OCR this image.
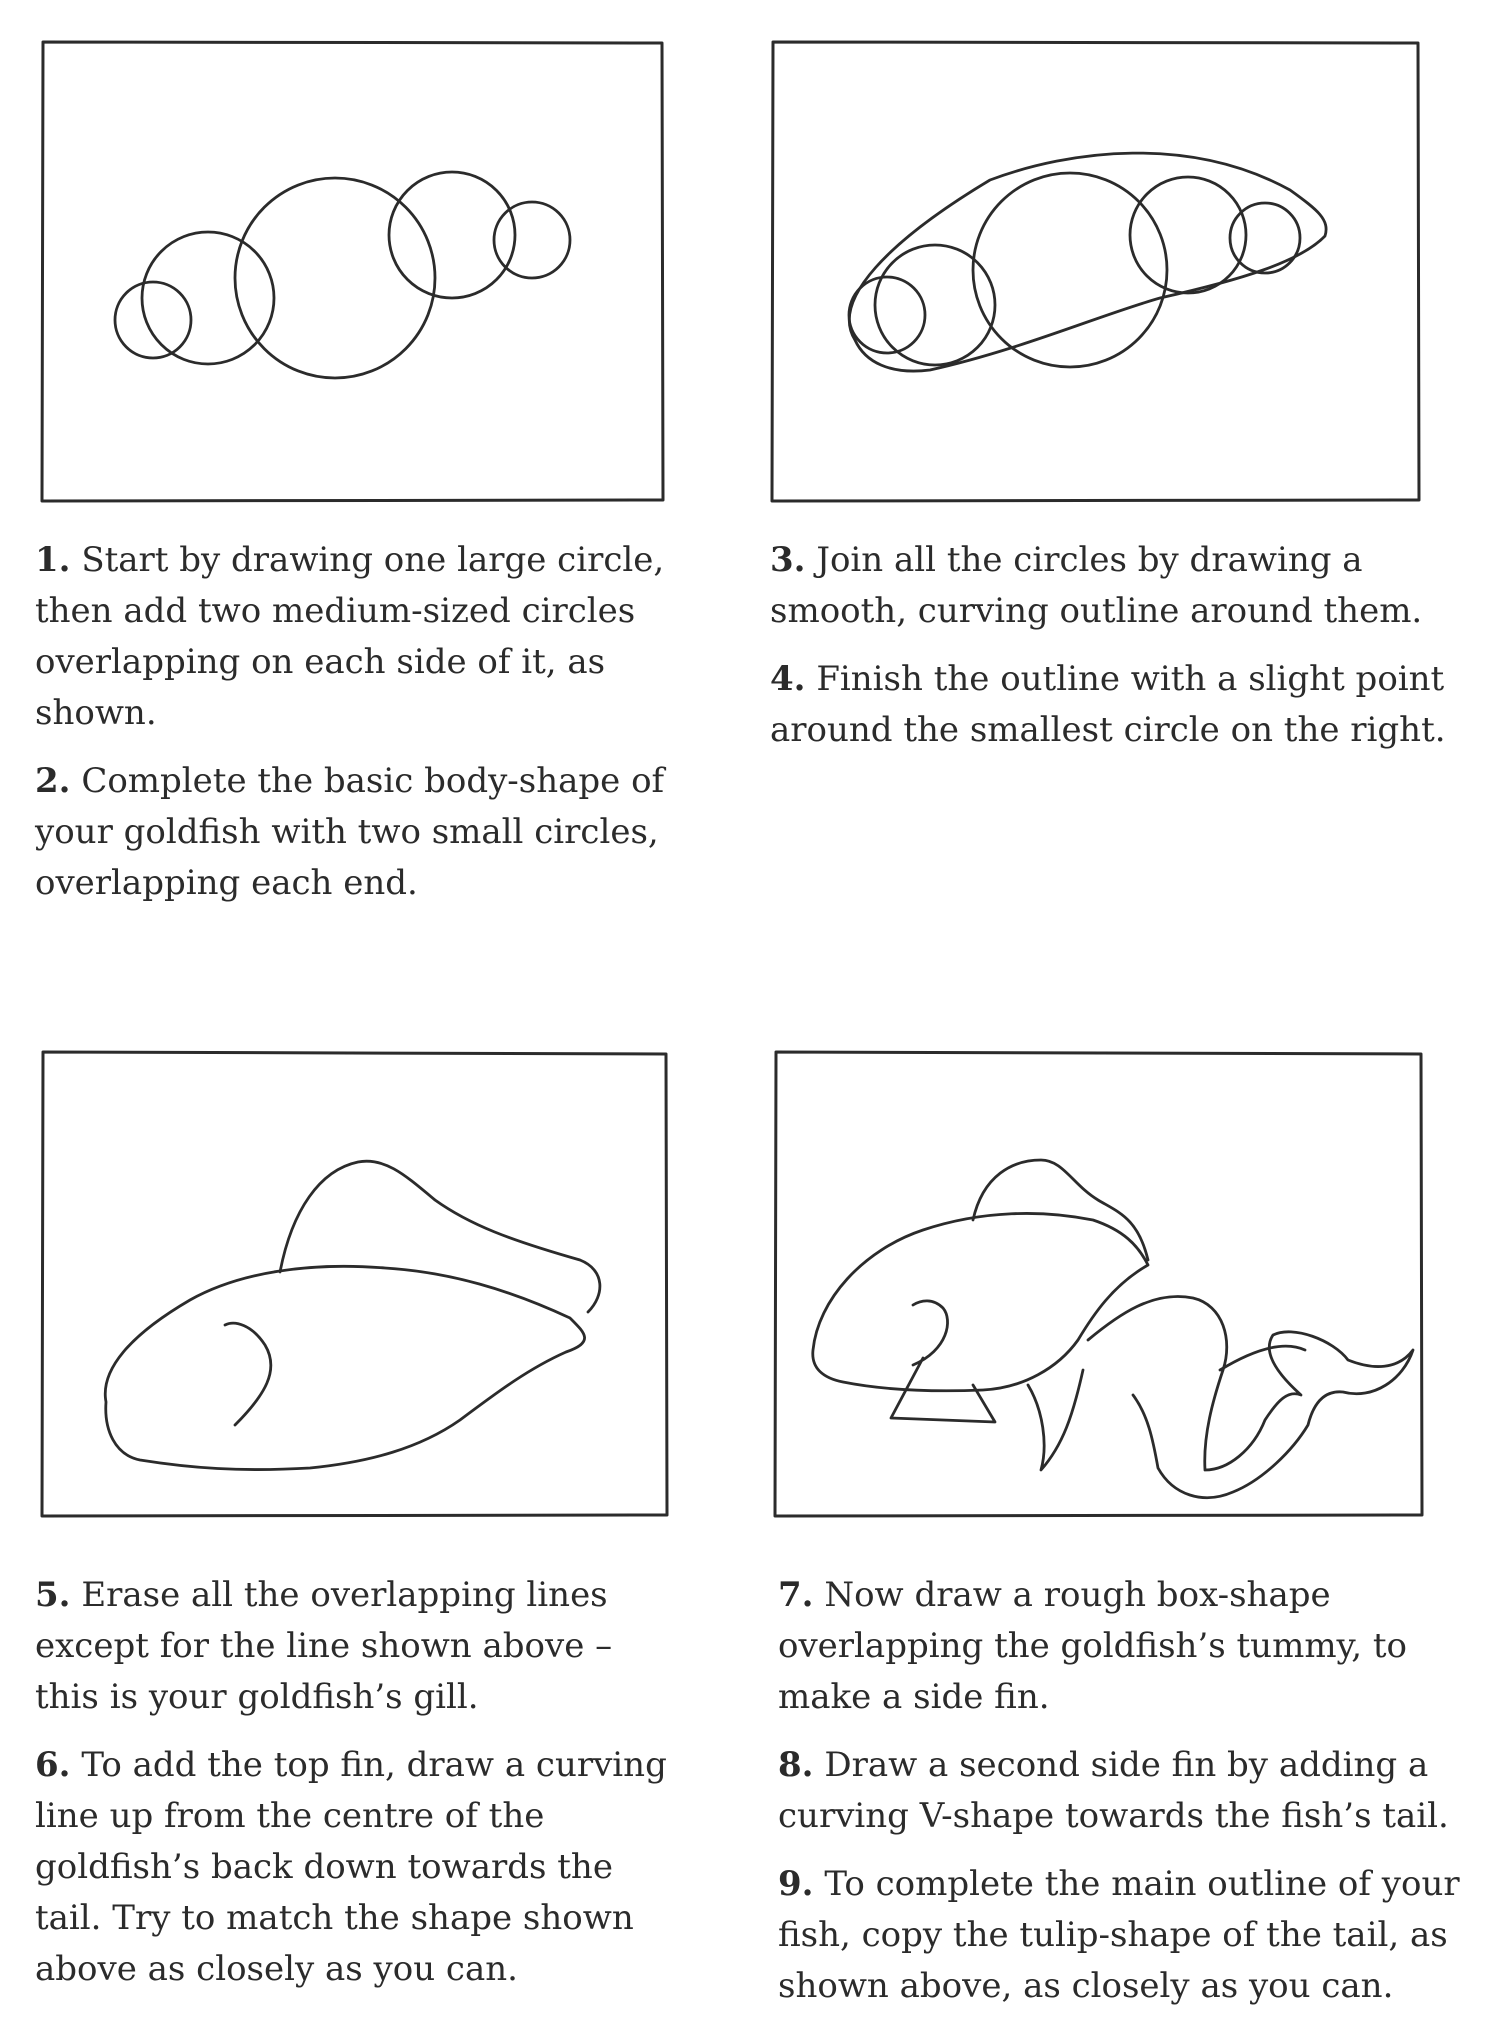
1. Start by drawing one large circle, then add two medium-sized circles overlapping on each side of it, as shown.

2. Complete the basic body-shape of your goldfish with two small circles, overlapping each end.

3. Join all the circles by drawing a smooth, curving outline around them.

4. Finish the outline with a slight point around the smallest circle on the right.

5. Erase all the overlapping lines except for the line shown above – this is your goldfish’s gill.

6. To add the top fin, draw a curving line up from the centre of the goldfish’s back down towards the tail. Try to match the shape shown above as closely as you can.

7. Now draw a rough box-shape overlapping the goldfish’s tummy, to make a side fin.

8. Draw a second side fin by adding a curving V-shape towards the fish’s tail.

9. To complete the main outline of your fish, copy the tulip-shape of the tail, as shown above, as closely as you can.
